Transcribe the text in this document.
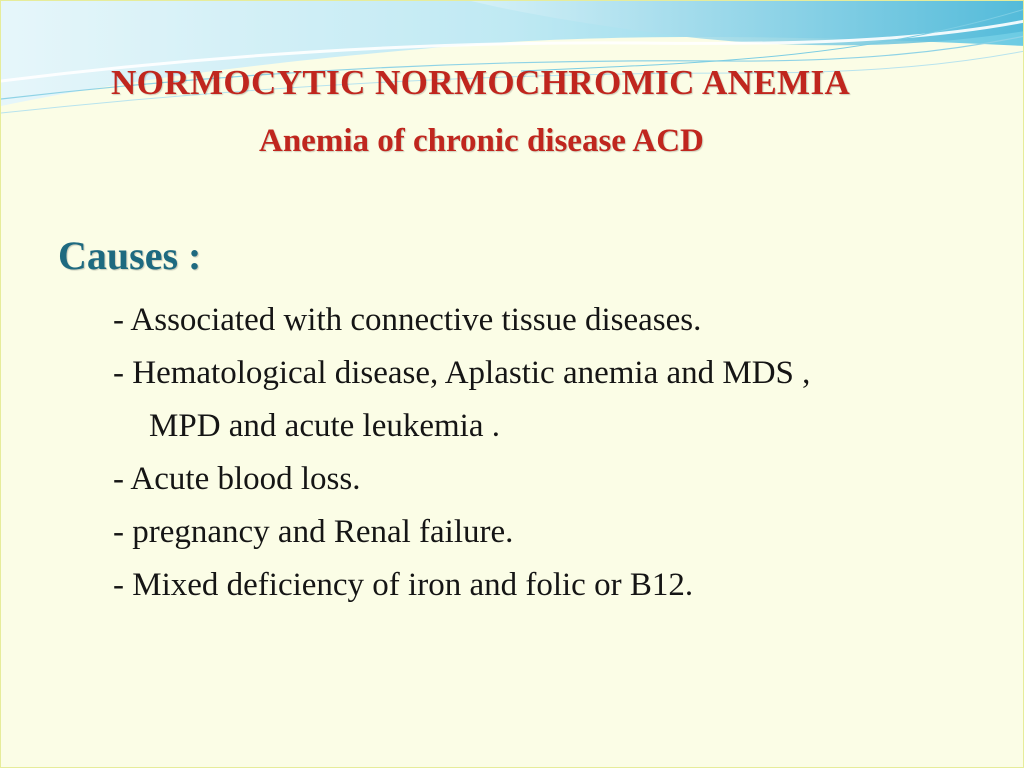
NORMOCYTIC NORMOCHROMIC ANEMIA
Anemia of chronic disease ACD
Causes :
- Associated with connective tissue diseases.
- Hematological disease, Aplastic anemia and MDS ,
MPD and acute leukemia .
- Acute blood loss.
- pregnancy and Renal failure.
- Mixed deficiency of iron and folic or B12.
